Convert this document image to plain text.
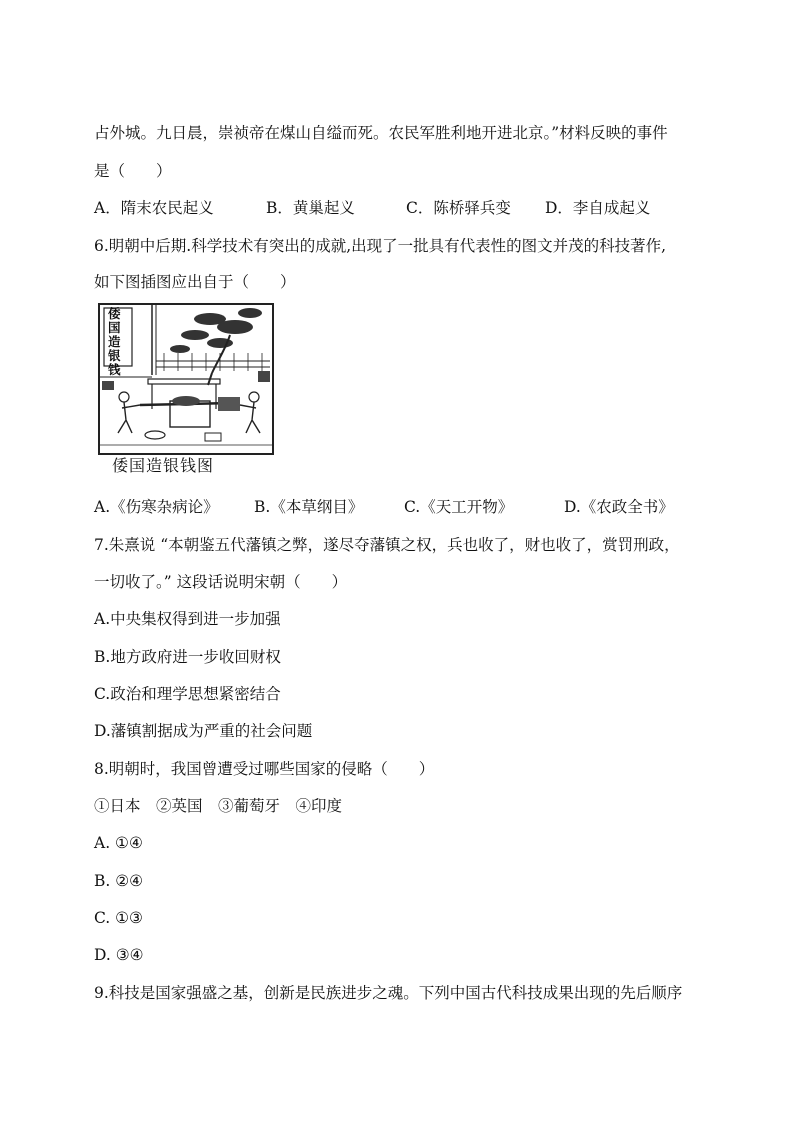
占外城。九日晨，崇祯帝在煤山自缢而死。农民军胜利地开进北京。”材料反映的事件
是（　　）
A．隋末农民起义	B．黄巢起义	C．陈桥驿兵变 D．李自成起义
6.明朝中后期.科学技术有突出的成就,出现了一批具有代表性的图文并茂的科技著作,
如下图插图应出自于（　　）
倭国造银钱
倭国造银钱图
A.《伤寒杂病论》 B.《本草纲目》	C.《天工开物》	D.《农政全书》
7.朱熹说 “本朝鉴五代藩镇之弊，遂尽夺藩镇之权，兵也收了，财也收了，赏罚刑政，
一切收了。” 这段话说明宋朝（　　）
A.中央集权得到进一步加强
B.地方政府进一步收回财权
C.政治和理学思想紧密结合
D.藩镇割据成为严重的社会问题
8.明朝时，我国曾遭受过哪些国家的侵略（　　）
①日本　②英国　③葡萄牙　④印度
A. ①④
B. ②④
C. ①③
D. ③④
9.科技是国家强盛之基，创新是民族进步之魂。下列中国古代科技成果出现的先后顺序
